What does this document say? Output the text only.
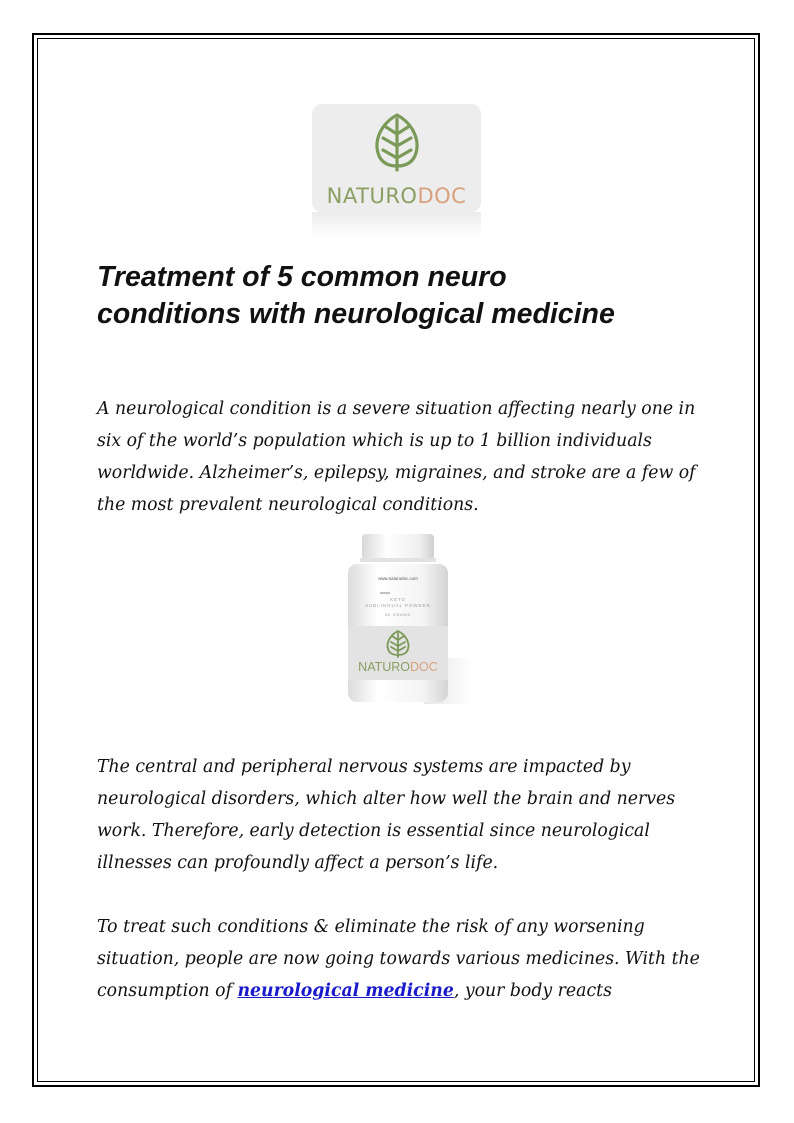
NATURODOC
Treatment of 5 common neuro
conditions with neurological medicine

A neurological condition is a severe situation affecting nearly one in six of the world’s population which is up to 1 billion individuals worldwide. Alzheimer’s, epilepsy, migraines, and stroke are a few of the most prevalent neurological conditions.

www.naturodoc.com
KETO
SUBLINGUAL POWDER
60 GRAMS
NATURODOC

The central and peripheral nervous systems are impacted by neurological disorders, which alter how well the brain and nerves work. Therefore, early detection is essential since neurological illnesses can profoundly affect a person’s life.

To treat such conditions & eliminate the risk of any worsening situation, people are now going towards various medicines. With the consumption of neurological medicine, your body reacts
